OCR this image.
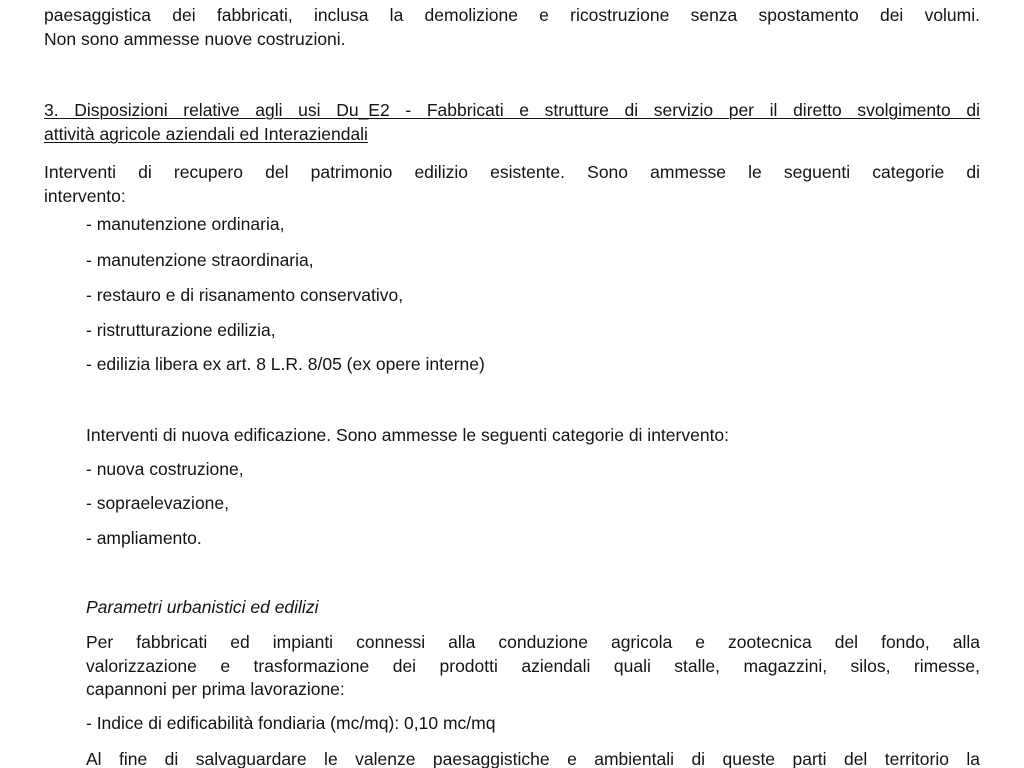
paesaggistica dei fabbricati, inclusa la demolizione e ricostruzione senza spostamento dei volumi.
Non sono ammesse nuove costruzioni.
3. Disposizioni relative agli usi Du_E2 - Fabbricati e strutture di servizio per il diretto svolgimento di
attività agricole aziendali ed Interaziendali
Interventi di recupero del patrimonio edilizio esistente. Sono ammesse le seguenti categorie di
intervento:
- manutenzione ordinaria,
- manutenzione straordinaria,
- restauro e di risanamento conservativo,
- ristrutturazione edilizia,
- edilizia libera ex art. 8 L.R. 8/05 (ex opere interne)
Interventi di nuova edificazione. Sono ammesse le seguenti categorie di intervento:
- nuova costruzione,
- sopraelevazione,
- ampliamento.
Parametri urbanistici ed edilizi
Per fabbricati ed impianti connessi alla conduzione agricola e zootecnica del fondo, alla
valorizzazione e trasformazione dei prodotti aziendali quali stalle, magazzini, silos, rimesse,
capannoni per prima lavorazione:
- Indice di edificabilità fondiaria (mc/mq): 0,10 mc/mq
Al fine di salvaguardare le valenze paesaggistiche e ambientali di queste parti del territorio la
